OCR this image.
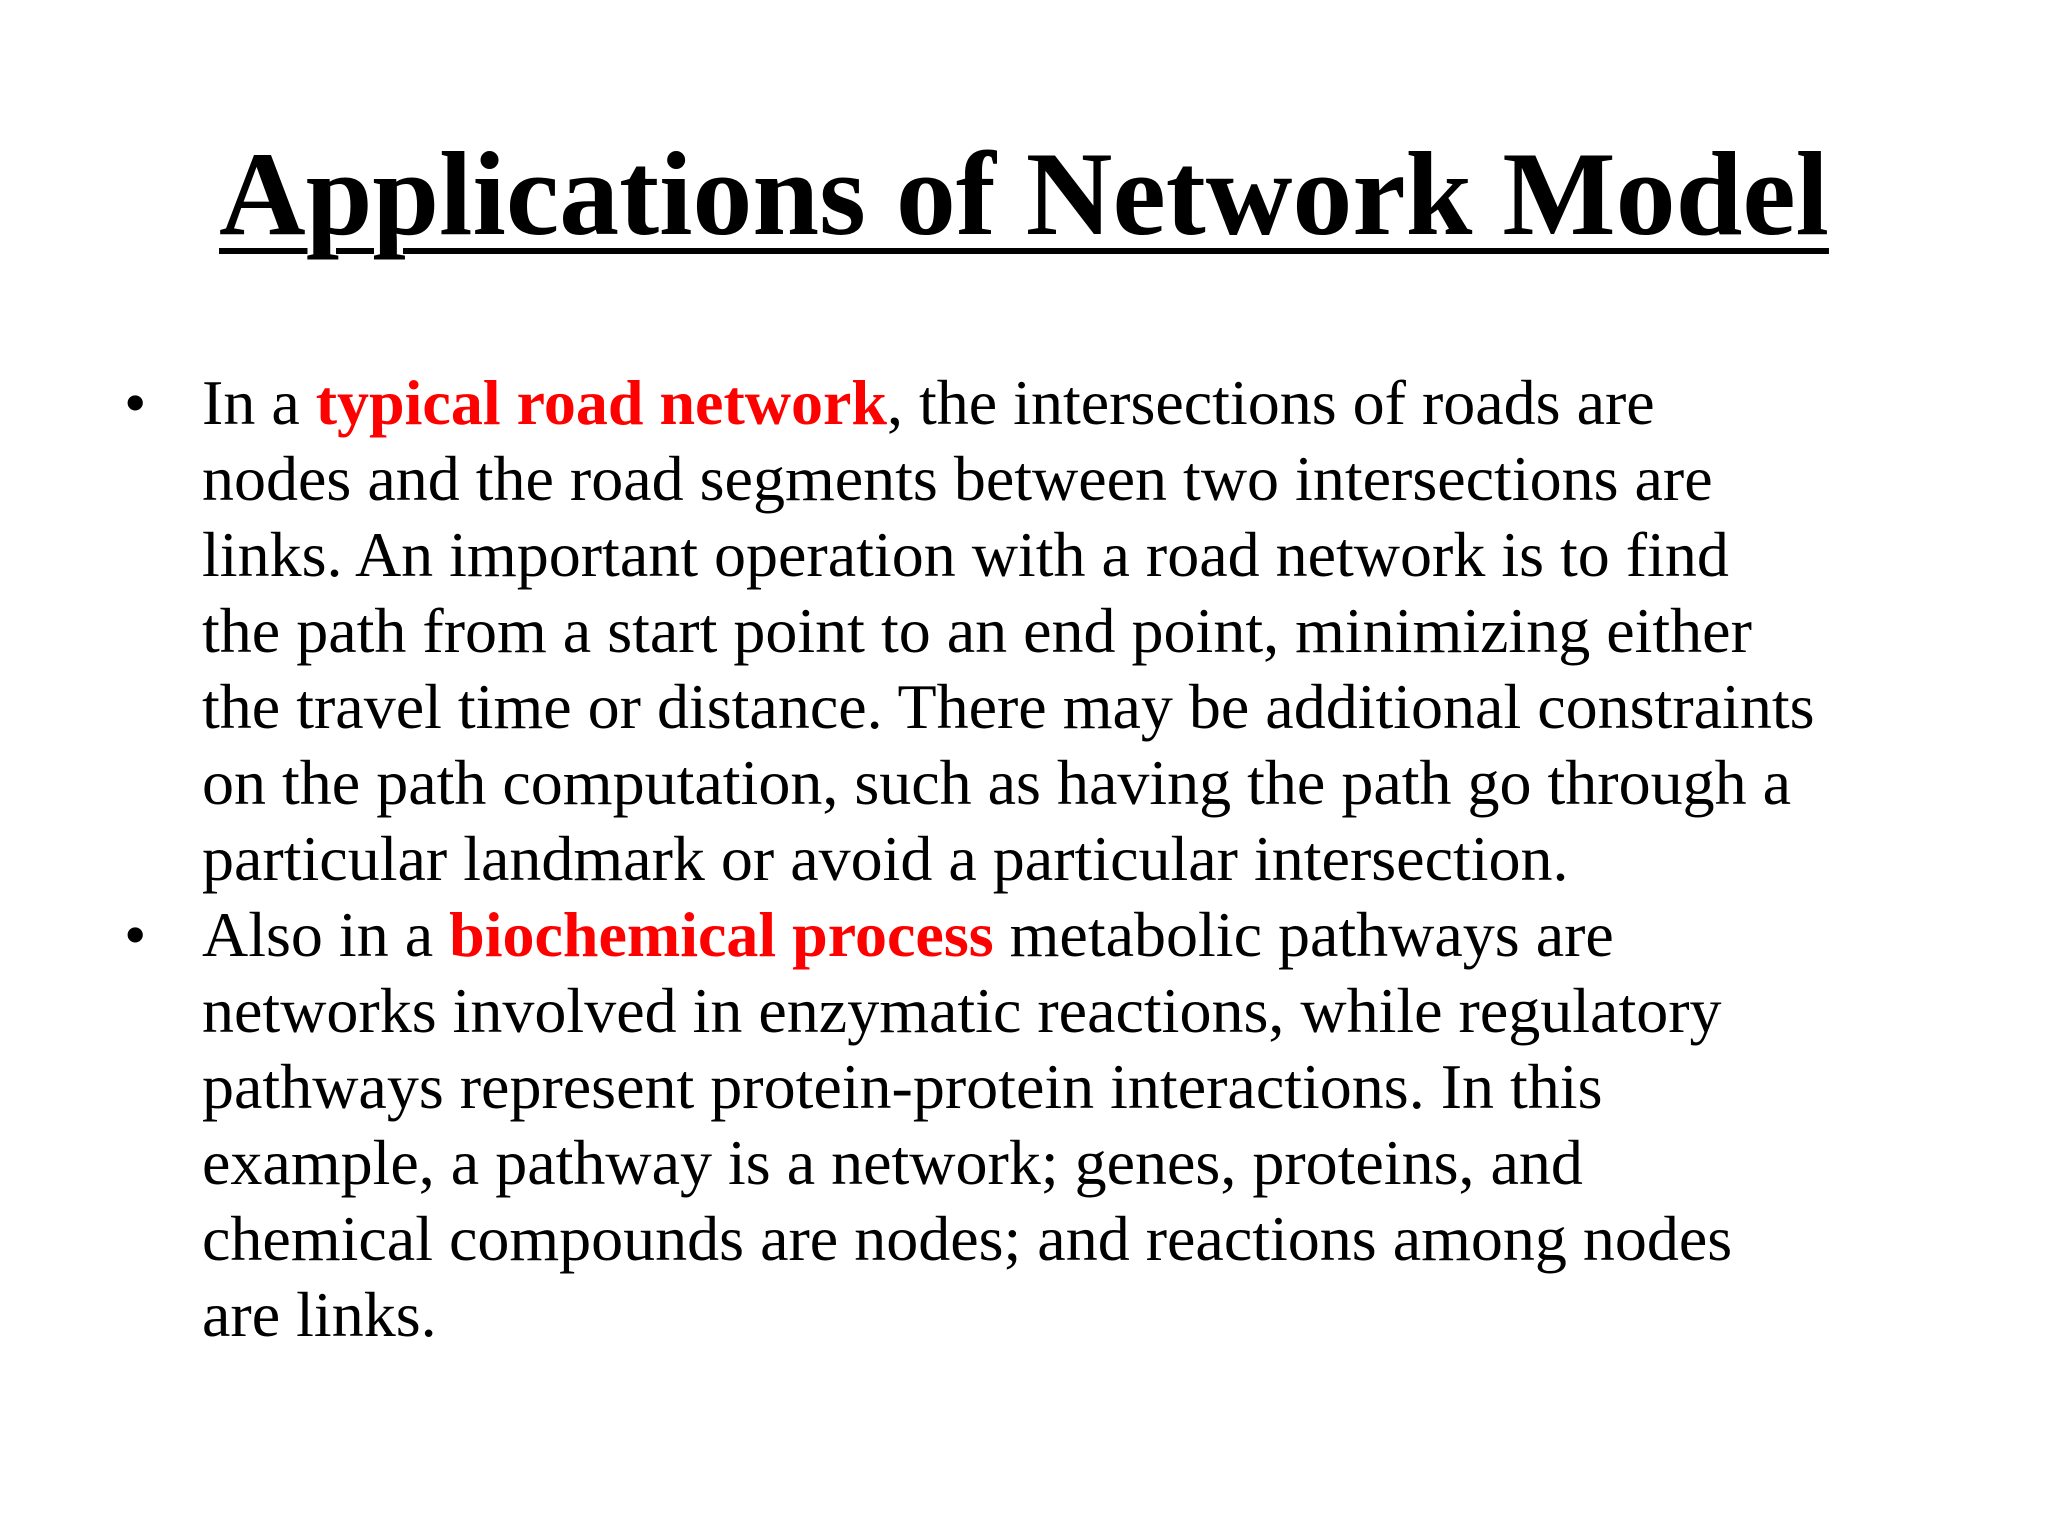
Applications of Network Model
• In a typical road network, the intersections of roads are
nodes and the road segments between two intersections are
links. An important operation with a road network is to find
the path from a start point to an end point, minimizing either
the travel time or distance. There may be additional constraints
on the path computation, such as having the path go through a
particular landmark or avoid a particular intersection.
• Also in a biochemical process metabolic pathways are
networks involved in enzymatic reactions, while regulatory
pathways represent protein-protein interactions. In this
example, a pathway is a network; genes, proteins, and
chemical compounds are nodes; and reactions among nodes
are links.
